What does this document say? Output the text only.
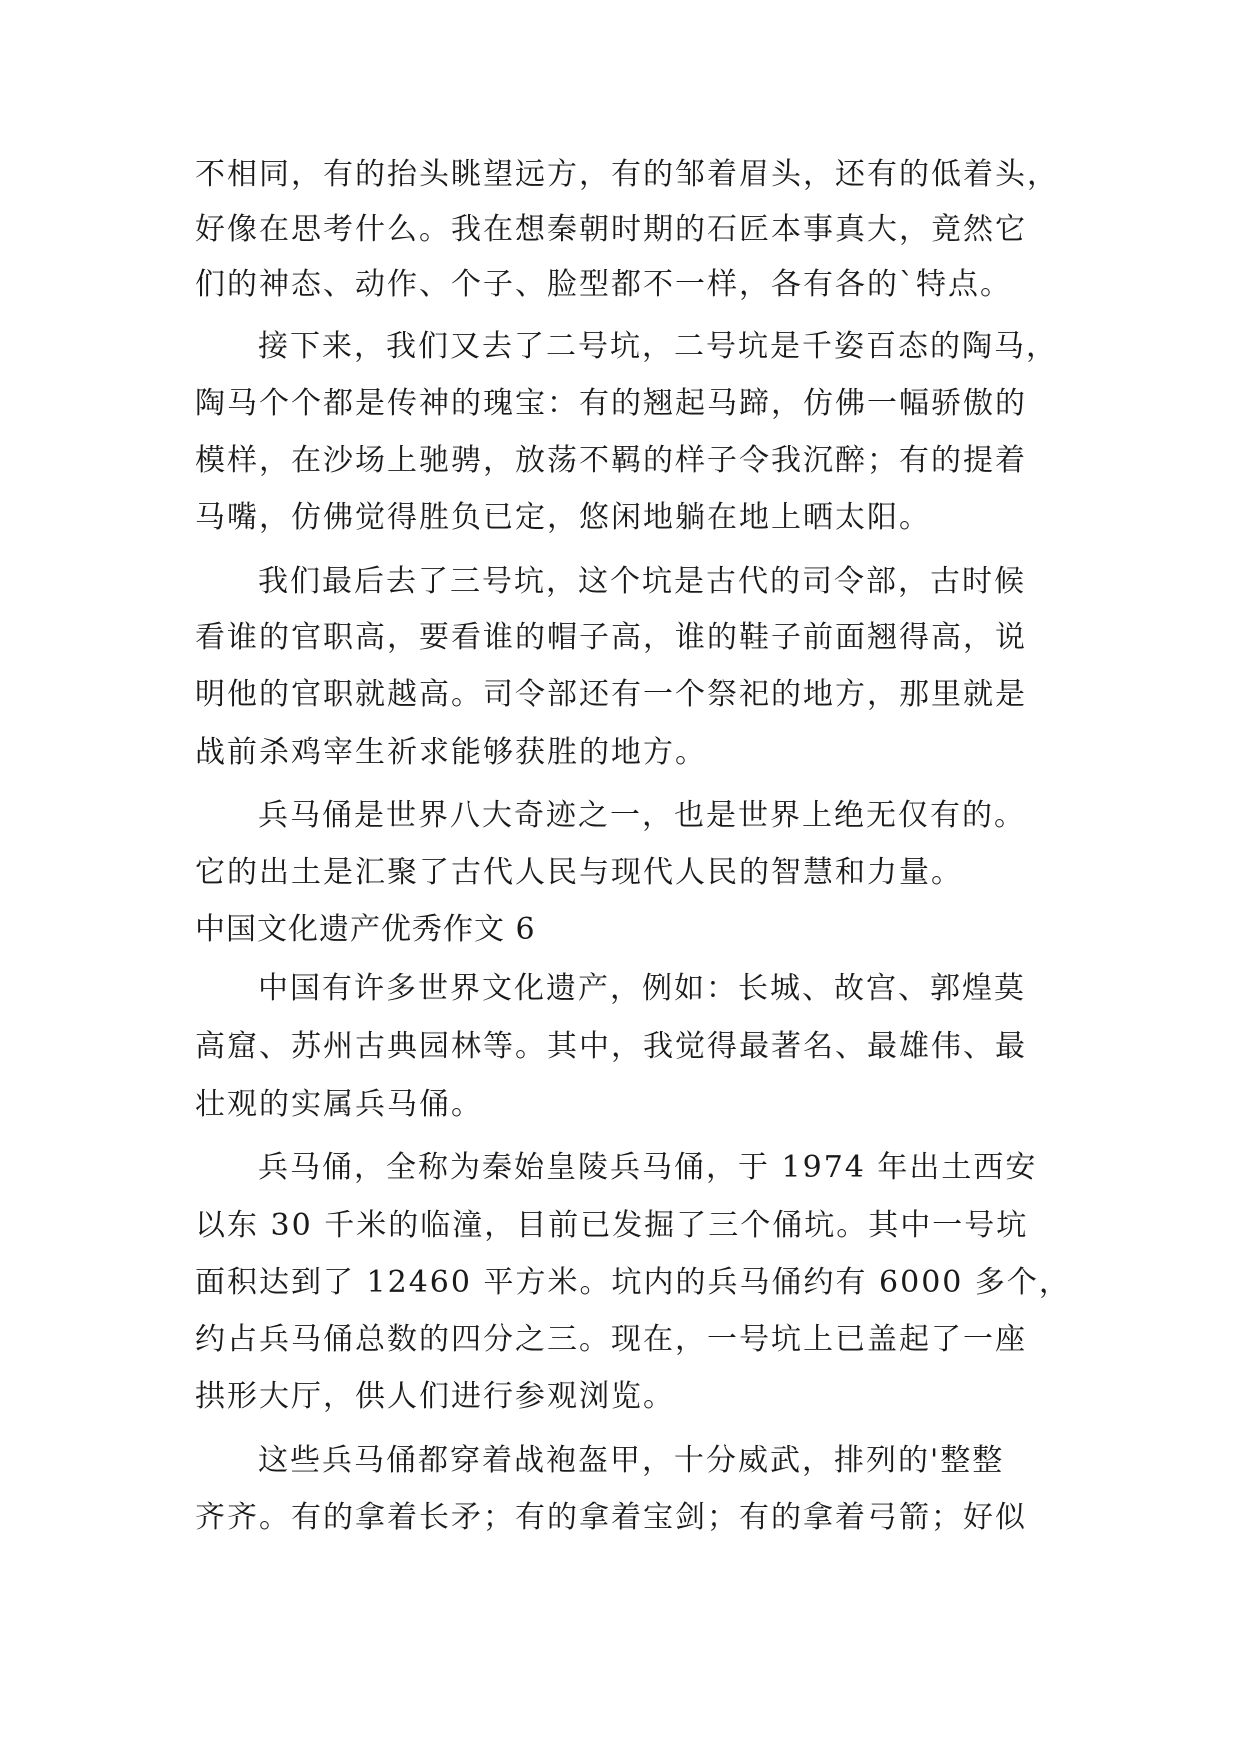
不相同，有的抬头眺望远方，有的邹着眉头，还有的低着头，
好像在思考什么。我在想秦朝时期的石匠本事真大，竟然它
们的神态、动作、个子、脸型都不一样，各有各的`特点。
接下来，我们又去了二号坑，二号坑是千姿百态的陶马，
陶马个个都是传神的瑰宝：有的翘起马蹄，仿佛一幅骄傲的
模样，在沙场上驰骋，放荡不羁的样子令我沉醉；有的提着
马嘴，仿佛觉得胜负已定，悠闲地躺在地上晒太阳。
我们最后去了三号坑，这个坑是古代的司令部，古时候
看谁的官职高，要看谁的帽子高，谁的鞋子前面翘得高，说
明他的官职就越高。司令部还有一个祭祀的地方，那里就是
战前杀鸡宰生祈求能够获胜的地方。
兵马俑是世界八大奇迹之一，也是世界上绝无仅有的。
它的出土是汇聚了古代人民与现代人民的智慧和力量。
中国文化遗产优秀作文 6
中国有许多世界文化遗产，例如：长城、故宫、郭煌莫
高窟、苏州古典园林等。其中，我觉得最著名、最雄伟、最
壮观的实属兵马俑。
兵马俑，全称为秦始皇陵兵马俑，于 1974 年出土西安
以东 30 千米的临潼，目前已发掘了三个俑坑。其中一号坑
面积达到了 12460 平方米。坑内的兵马俑约有 6000 多个，
约占兵马俑总数的四分之三。现在，一号坑上已盖起了一座
拱形大厅，供人们进行参观浏览。
这些兵马俑都穿着战袍盔甲，十分威武，排列的'整整
齐齐。有的拿着长矛；有的拿着宝剑；有的拿着弓箭；好似
